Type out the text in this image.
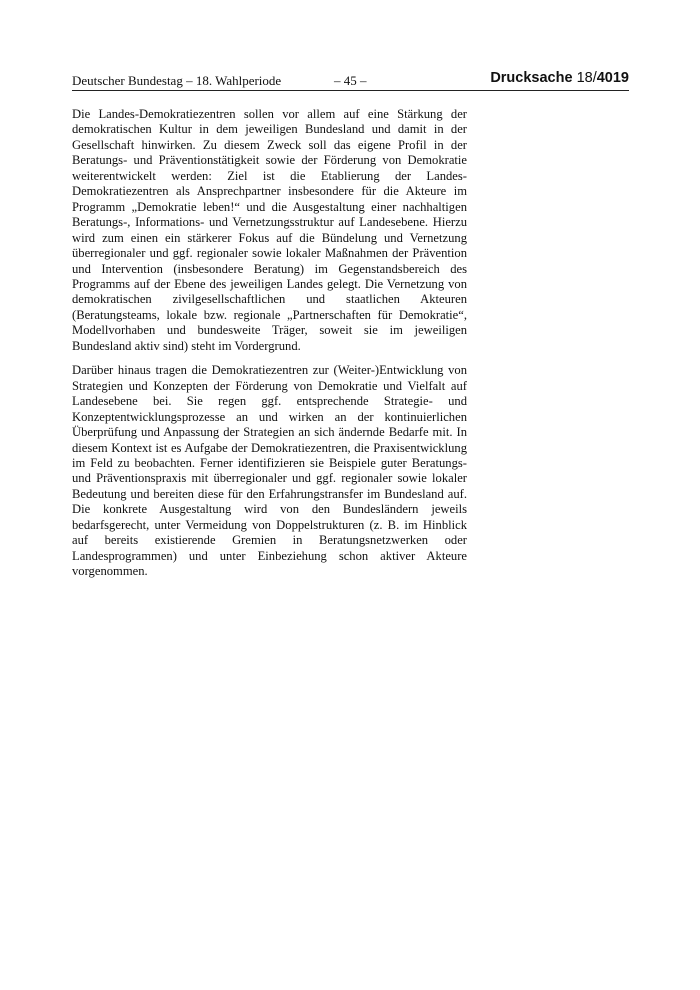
Deutscher Bundestag – 18. Wahlperiode	– 45 –	Drucksache 18/4019

Die Landes-Demokratiezentren sollen vor allem auf eine Stärkung der demokratischen Kultur in dem jeweiligen Bundesland und damit in der Gesellschaft hinwirken. Zu diesem Zweck soll das eigene Profil in der Beratungs- und Präventionstätigkeit sowie der Förderung von Demokratie weiterentwickelt werden: Ziel ist die Etablierung der Landes-Demokratiezentren als Ansprechpartner insbesondere für die Akteure im Programm „Demokratie leben!“ und die Ausgestaltung einer nachhaltigen Beratungs-, Informations- und Vernetzungsstruktur auf Landesebene. Hierzu wird zum einen ein stärkerer Fokus auf die Bündelung und Vernetzung überregionaler und ggf. regionaler sowie lokaler Maßnahmen der Prävention und Intervention (insbesondere Beratung) im Gegenstandsbereich des Programms auf der Ebene des jeweiligen Landes gelegt. Die Vernetzung von demokratischen zivilgesellschaftlichen und staatlichen Akteuren (Beratungsteams, lokale bzw. regionale „Partnerschaften für Demokratie“, Modellvorhaben und bundesweite Träger, soweit sie im jeweiligen Bundesland aktiv sind) steht im Vordergrund.

Darüber hinaus tragen die Demokratiezentren zur (Weiter-)Entwicklung von Strategien und Konzepten der Förderung von Demokratie und Vielfalt auf Landesebene bei. Sie regen ggf. entsprechende Strategie- und Konzeptentwicklungsprozesse an und wirken an der kontinuierlichen Überprüfung und Anpassung der Strategien an sich ändernde Bedarfe mit. In diesem Kontext ist es Aufgabe der Demokratiezentren, die Praxisentwicklung im Feld zu beobachten. Ferner identifizieren sie Beispiele guter Beratungs- und Präventionspraxis mit überregionaler und ggf. regionaler sowie lokaler Bedeutung und bereiten diese für den Erfahrungstransfer im Bundesland auf. Die konkrete Ausgestaltung wird von den Bundesländern jeweils bedarfsgerecht, unter Vermeidung von Doppelstrukturen (z. B. im Hinblick auf bereits existierende Gremien in Beratungsnetzwerken oder Landesprogrammen) und unter Einbeziehung schon aktiver Akteure vorgenommen.
